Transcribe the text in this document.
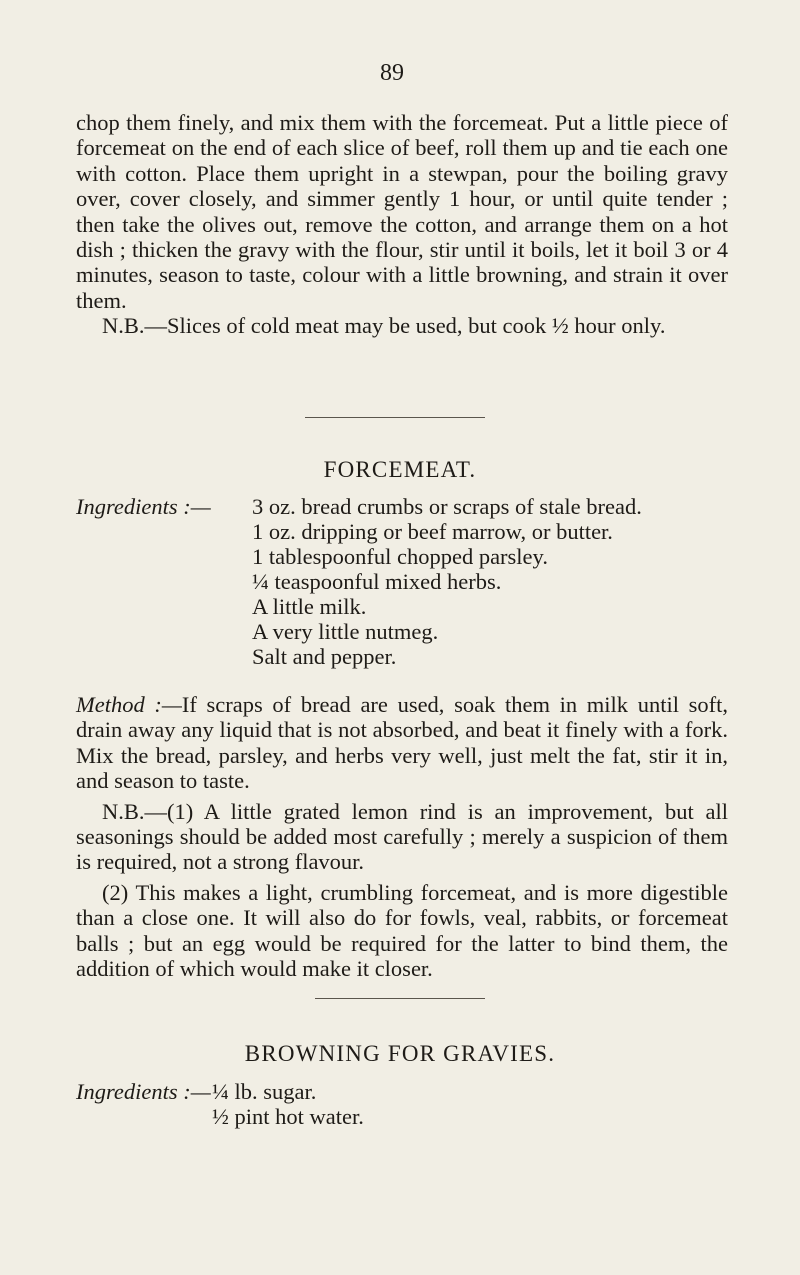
89

chop them finely, and mix them with the forcemeat. Put a little piece of forcemeat on the end of each slice of beef, roll them up and tie each one with cotton. Place them upright in a stewpan, pour the boiling gravy over, cover closely, and simmer gently 1 hour, or until quite tender ; then take the olives out, remove the cotton, and arrange them on a hot dish ; thicken the gravy with the flour, stir until it boils, let it boil 3 or 4 minutes, season to taste, colour with a little browning, and strain it over them.

N.B.—Slices of cold meat may be used, but cook ½ hour only.

FORCEMEAT.
Ingredients :—	3 oz. bread crumbs or scraps of stale bread.
1 oz. dripping or beef marrow, or butter.
1 tablespoonful chopped parsley.
¼ teaspoonful mixed herbs.
A little milk.
A very little nutmeg.
Salt and pepper.

Method :—If scraps of bread are used, soak them in milk until soft, drain away any liquid that is not absorbed, and beat it finely with a fork. Mix the bread, parsley, and herbs very well, just melt the fat, stir it in, and season to taste.

N.B.—(1) A little grated lemon rind is an improvement, but all seasonings should be added most carefully ; merely a suspicion of them is required, not a strong flavour.

(2) This makes a light, crumbling forcemeat, and is more digestible than a close one. It will also do for fowls, veal, rabbits, or forcemeat balls ; but an egg would be required for the latter to bind them, the addition of which would make it closer.

BROWNING FOR GRAVIES.
Ingredients :— ¼ lb. sugar.
½ pint hot water.
